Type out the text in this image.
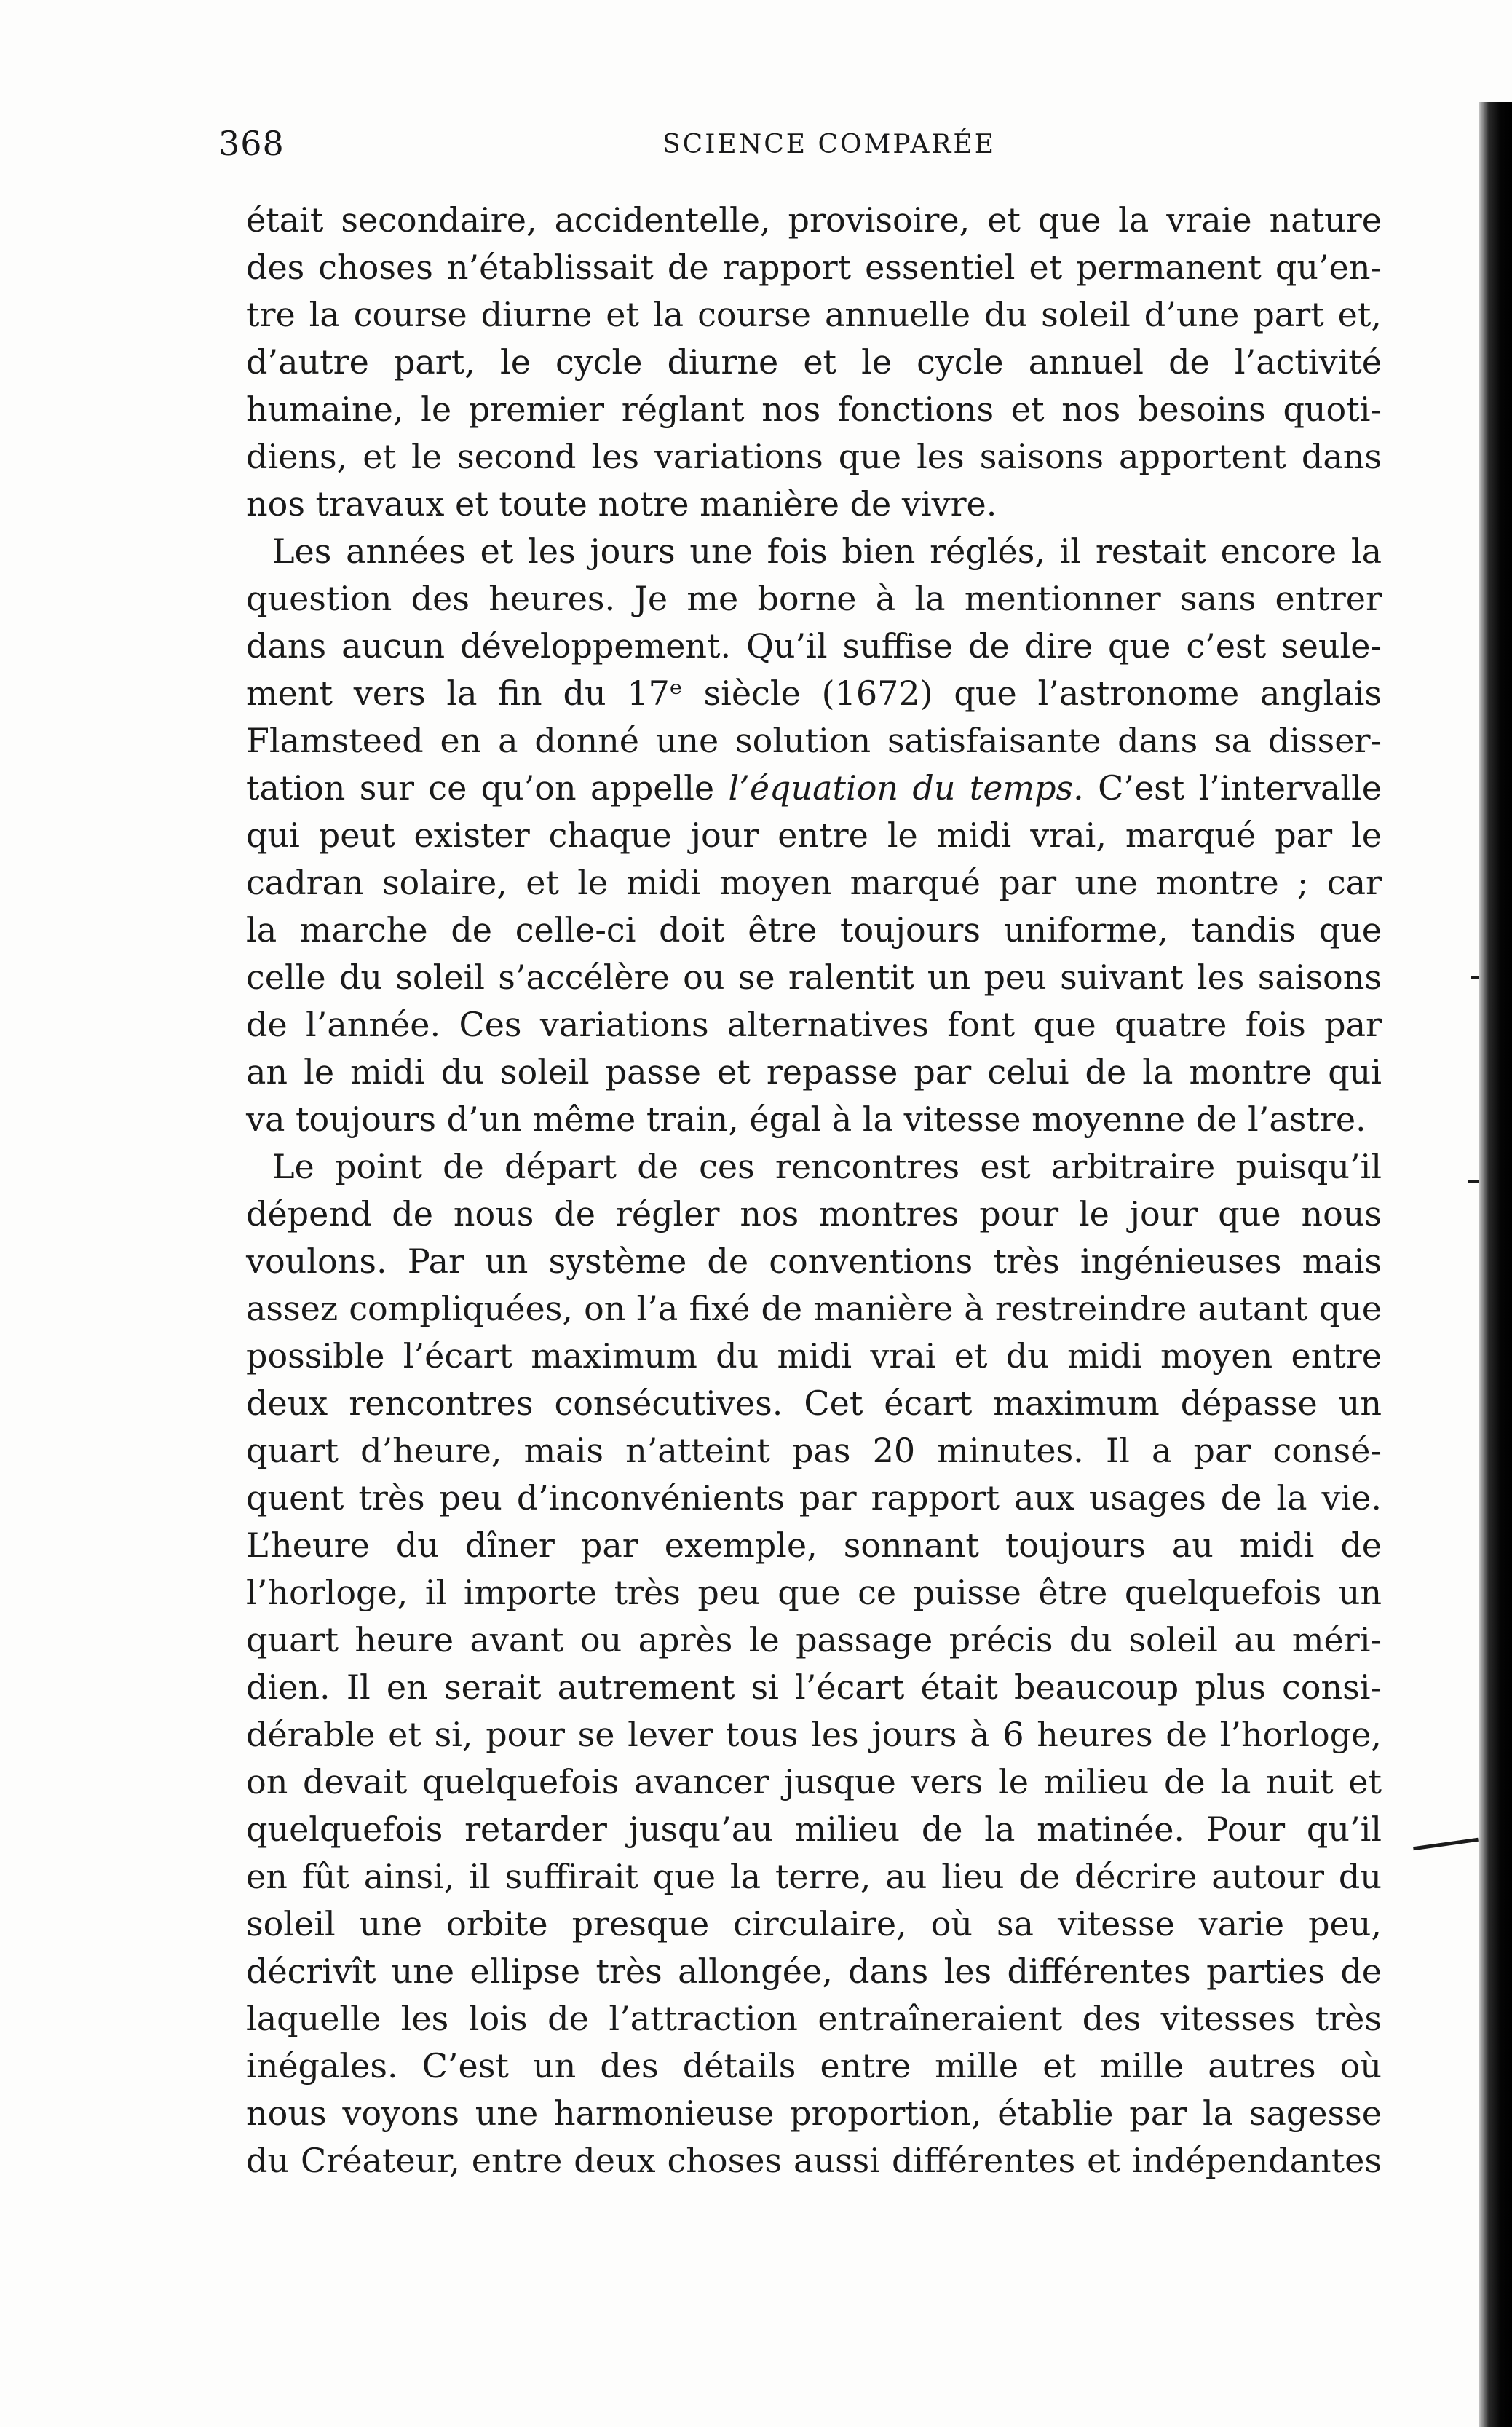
368	SCIENCE COMPARÉE
était secondaire, accidentelle, provisoire, et que la vraie nature
des choses n’établissait de rapport essentiel et permanent qu’en-
tre la course diurne et la course annuelle du soleil d’une part et,
d’autre part, le cycle diurne et le cycle annuel de l’activité
humaine, le premier réglant nos fonctions et nos besoins quoti-
diens, et le second les variations que les saisons apportent dans
nos travaux et toute notre manière de vivre.
Les années et les jours une fois bien réglés, il restait encore la
question des heures. Je me borne à la mentionner sans entrer
dans aucun développement. Qu’il suffise de dire que c’est seule-
ment vers la fin du 17ᵉ siècle (1672) que l’astronome anglais
Flamsteed en a donné une solution satisfaisante dans sa disser-
tation sur ce qu’on appelle l’équation du temps. C’est l’intervalle
qui peut exister chaque jour entre le midi vrai, marqué par le
cadran solaire, et le midi moyen marqué par une montre ; car
la marche de celle-ci doit être toujours uniforme, tandis que
celle du soleil s’accélère ou se ralentit un peu suivant les saisons
de l’année. Ces variations alternatives font que quatre fois par
an le midi du soleil passe et repasse par celui de la montre qui
va toujours d’un même train, égal à la vitesse moyenne de l’astre.
Le point de départ de ces rencontres est arbitraire puisqu’il
dépend de nous de régler nos montres pour le jour que nous
voulons. Par un système de conventions très ingénieuses mais
assez compliquées, on l’a fixé de manière à restreindre autant que
possible l’écart maximum du midi vrai et du midi moyen entre
deux rencontres consécutives. Cet écart maximum dépasse un
quart d’heure, mais n’atteint pas 20 minutes. Il a par consé-
quent très peu d’inconvénients par rapport aux usages de la vie.
L’heure du dîner par exemple, sonnant toujours au midi de
l’horloge, il importe très peu que ce puisse être quelquefois un
quart heure avant ou après le passage précis du soleil au méri-
dien. Il en serait autrement si l’écart était beaucoup plus consi-
dérable et si, pour se lever tous les jours à 6 heures de l’horloge,
on devait quelquefois avancer jusque vers le milieu de la nuit et
quelquefois retarder jusqu’au milieu de la matinée. Pour qu’il
en fût ainsi, il suffirait que la terre, au lieu de décrire autour du
soleil une orbite presque circulaire, où sa vitesse varie peu,
décrivît une ellipse très allongée, dans les différentes parties de
laquelle les lois de l’attraction entraîneraient des vitesses très
inégales. C’est un des détails entre mille et mille autres où
nous voyons une harmonieuse proportion, établie par la sagesse
du Créateur, entre deux choses aussi différentes et indépendantes
